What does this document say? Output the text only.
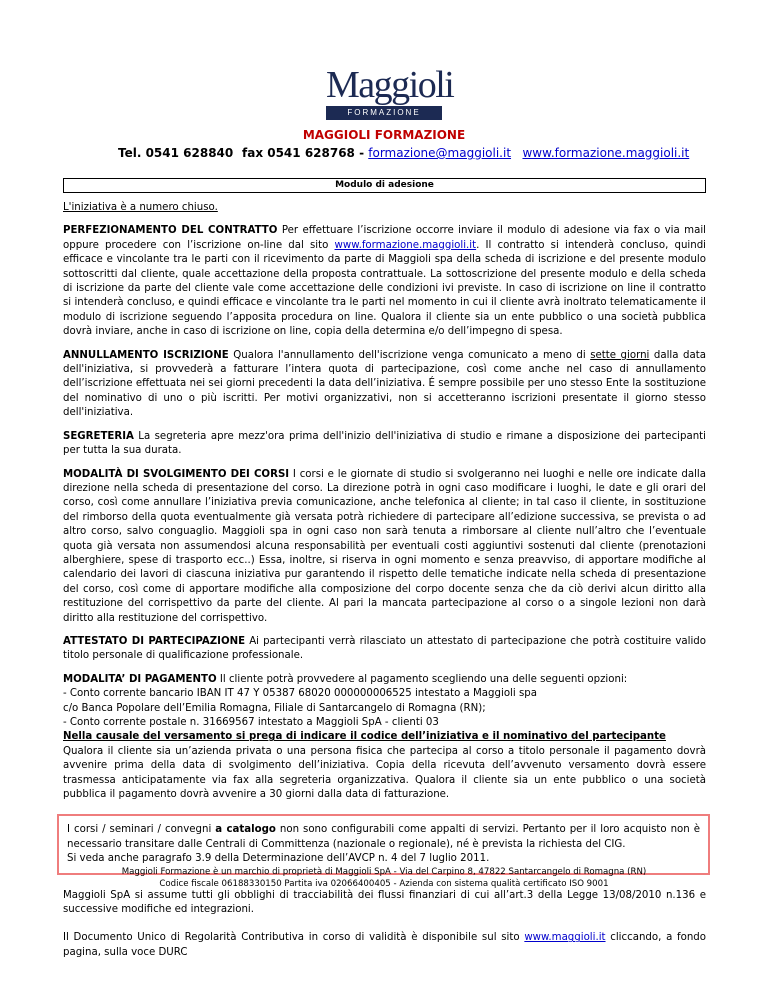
Maggioli
FORMAZIONE
MAGGIOLI FORMAZIONE
Tel. 0541 628840 fax 0541 628768 - formazione@maggioli.it www.formazione.maggioli.it
Modulo di adesione

L'iniziativa è a numero chiuso.

PERFEZIONAMENTO DEL CONTRATTO Per effettuare l’iscrizione occorre inviare il modulo di adesione via fax o via mail oppure procedere con l’iscrizione on-line dal sito www.formazione.maggioli.it. Il contratto si intenderà concluso, quindi efficace e vincolante tra le parti con il ricevimento da parte di Maggioli spa della scheda di iscrizione e del presente modulo sottoscritti dal cliente, quale accettazione della proposta contrattuale. La sottoscrizione del presente modulo e della scheda di iscrizione da parte del cliente vale come accettazione delle condizioni ivi previste. In caso di iscrizione on line il contratto si intenderà concluso, e quindi efficace e vincolante tra le parti nel momento in cui il cliente avrà inoltrato telematicamente il modulo di iscrizione seguendo l’apposita procedura on line. Qualora il cliente sia un ente pubblico o una società pubblica dovrà inviare, anche in caso di iscrizione on line, copia della determina e/o dell’impegno di spesa.

ANNULLAMENTO ISCRIZIONE Qualora l'annullamento dell'iscrizione venga comunicato a meno di sette giorni dalla data dell'iniziativa, si provvederà a fatturare l’intera quota di partecipazione, così come anche nel caso di annullamento dell’iscrizione effettuata nei sei giorni precedenti la data dell’iniziativa. É sempre possibile per uno stesso Ente la sostituzione del nominativo di uno o più iscritti. Per motivi organizzativi, non si accetteranno iscrizioni presentate il giorno stesso dell'iniziativa.

SEGRETERIA La segreteria apre mezz'ora prima dell'inizio dell'iniziativa di studio e rimane a disposizione dei partecipanti per tutta la sua durata.

MODALITÀ DI SVOLGIMENTO DEI CORSI I corsi e le giornate di studio si svolgeranno nei luoghi e nelle ore indicate dalla direzione nella scheda di presentazione del corso. La direzione potrà in ogni caso modificare i luoghi, le date e gli orari del corso, così come annullare l’iniziativa previa comunicazione, anche telefonica al cliente; in tal caso il cliente, in sostituzione del rimborso della quota eventualmente già versata potrà richiedere di partecipare all’edizione successiva, se prevista o ad altro corso, salvo conguaglio. Maggioli spa in ogni caso non sarà tenuta a rimborsare al cliente null’altro che l’eventuale quota già versata non assumendosi alcuna responsabilità per eventuali costi aggiuntivi sostenuti dal cliente (prenotazioni alberghiere, spese di trasporto ecc..) Essa, inoltre, si riserva in ogni momento e senza preavviso, di apportare modifiche al calendario dei lavori di ciascuna iniziativa pur garantendo il rispetto delle tematiche indicate nella scheda di presentazione del corso, così come di apportare modifiche alla composizione del corpo docente senza che da ciò derivi alcun diritto alla restituzione del corrispettivo da parte del cliente. Al pari la mancata partecipazione al corso o a singole lezioni non darà diritto alla restituzione del corrispettivo.

ATTESTATO DI PARTECIPAZIONE Ai partecipanti verrà rilasciato un attestato di partecipazione che potrà costituire valido titolo personale di qualificazione professionale.

MODALITA’ DI PAGAMENTO Il cliente potrà provvedere al pagamento scegliendo una delle seguenti opzioni:
- Conto corrente bancario IBAN IT 47 Y 05387 68020 000000006525 intestato a Maggioli spa
c/o Banca Popolare dell’Emilia Romagna, Filiale di Santarcangelo di Romagna (RN);
- Conto corrente postale n. 31669567 intestato a Maggioli SpA - clienti 03
Nella causale del versamento si prega di indicare il codice dell’iniziativa e il nominativo del partecipante
Qualora il cliente sia un’azienda privata o una persona fisica che partecipa al corso a titolo personale il pagamento dovrà avvenire prima della data di svolgimento dell’iniziativa. Copia della ricevuta dell’avvenuto versamento dovrà essere trasmessa anticipatamente via fax alla segreteria organizzativa. Qualora il cliente sia un ente pubblico o una società pubblica il pagamento dovrà avvenire a 30 giorni dalla data di fatturazione.

I corsi / seminari / convegni a catalogo non sono configurabili come appalti di servizi. Pertanto per il loro acquisto non è necessario transitare dalle Centrali di Committenza (nazionale o regionale), né è prevista la richiesta del CIG.
Si veda anche paragrafo 3.9 della Determinazione dell’AVCP n. 4 del 7 luglio 2011.

Maggioli SpA si assume tutti gli obblighi di tracciabilità dei flussi finanziari di cui all’art.3 della Legge 13/08/2010 n.136 e successive modifiche ed integrazioni.

Il Documento Unico di Regolarità Contributiva in corso di validità è disponibile sul sito www.maggioli.it cliccando, a fondo pagina, sulla voce DURC

Maggioli Formazione è un marchio di proprietà di Maggioli SpA - Via del Carpino 8, 47822 Santarcangelo di Romagna (RN)
Codice fiscale 06188330150 Partita iva 02066400405 - Azienda con sistema qualità certificato ISO 9001
